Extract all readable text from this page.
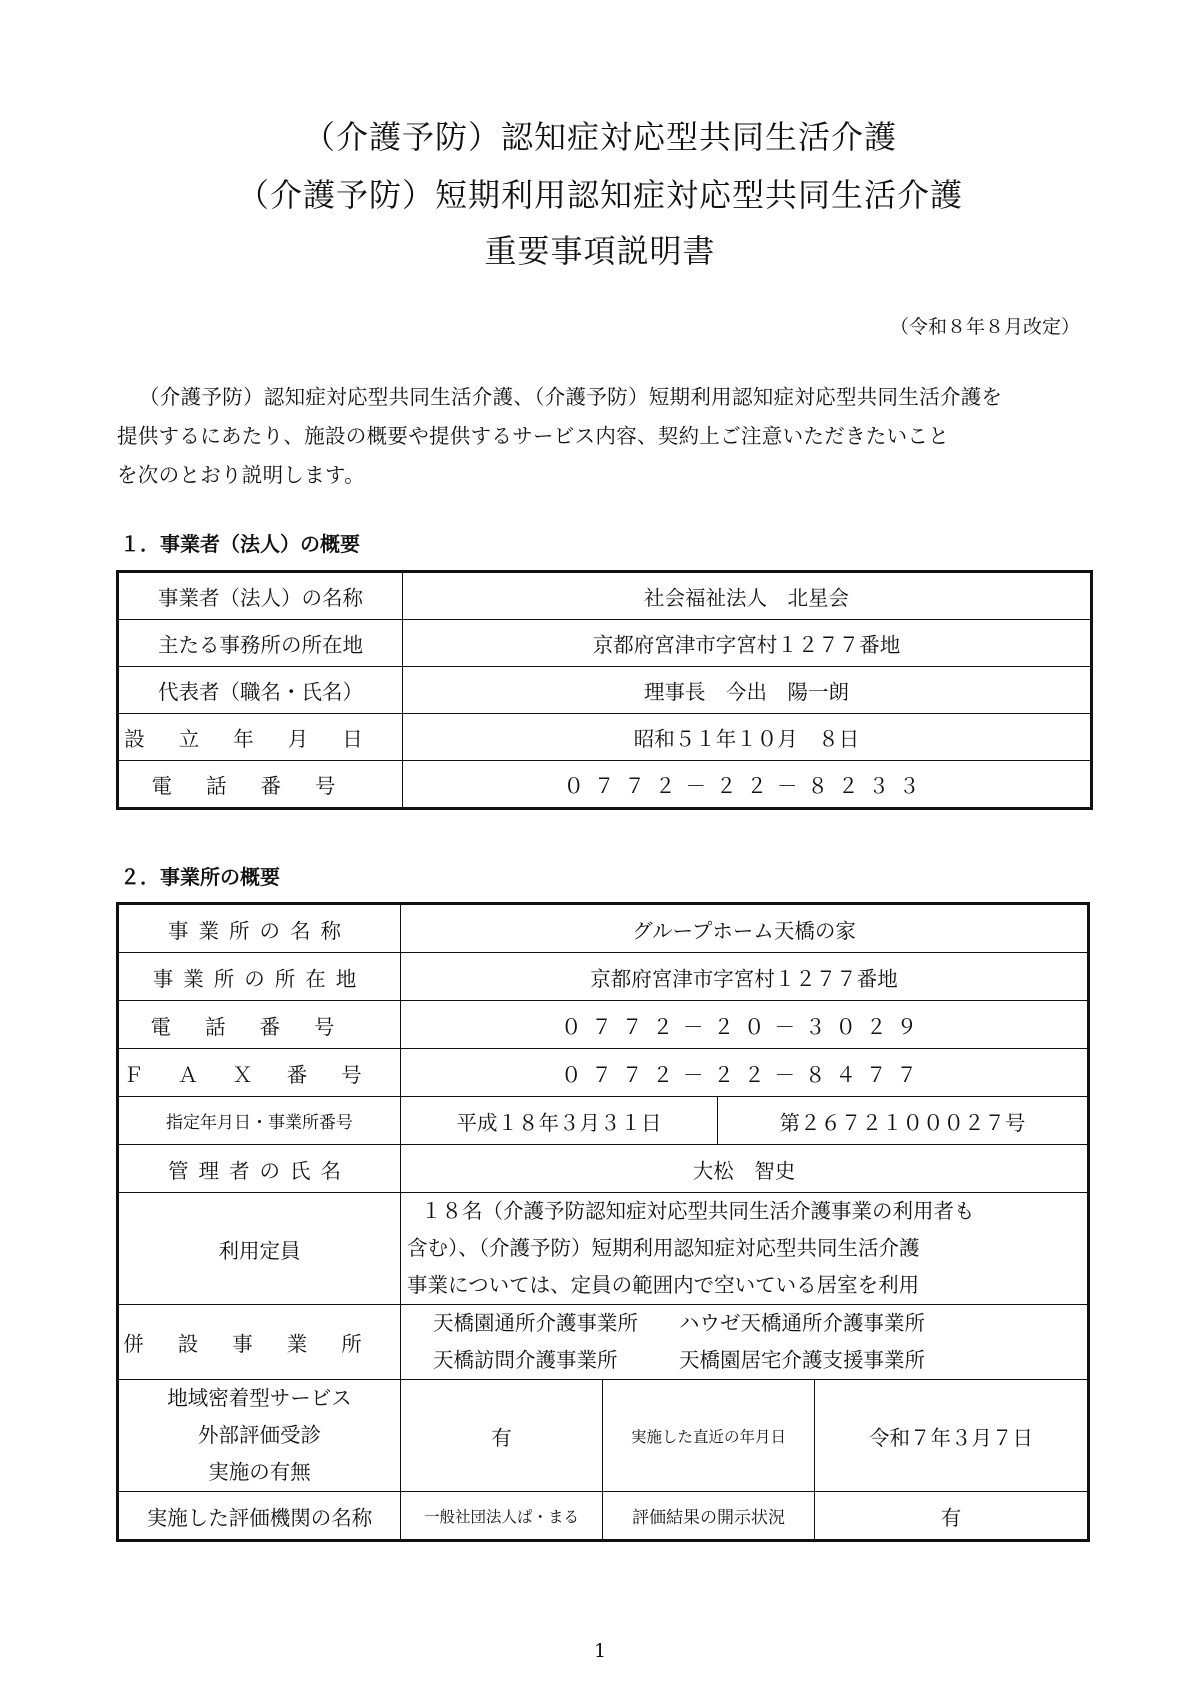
（介護予防）認知症対応型共同生活介護
（介護予防）短期利用認知症対応型共同生活介護
重要事項説明書
（令和８年８月改定）
（介護予防）認知症対応型共同生活介護、（介護予防）短期利用認知症対応型共同生活介護を
提供するにあたり、施設の概要や提供するサービス内容、契約上ご注意いただきたいこと
を次のとおり説明します。
１．事業者（法人）の概要
事業者（法人）の名称	社会福祉法人　北星会
主たる事務所の所在地	京都府宮津市字宮村１２７７番地
代表者（職名・氏名）	理事長　今出　陽一朗
設立年月日	昭和５１年１０月　８日
電話番号	０７７２－２２－８２３３
２．事業所の概要
事業所の名称	グループホーム天橋の家			
事業所の所在地	京都府宮津市字宮村１２７７番地			
電話番号	０７７２－２０－３０２９			
ＦＡＸ番号	０７７２－２２－８４７７			
指定年月日・事業所番号	平成１８年３月３１日		第２６７２１０００２７号	
管理者の氏名	大松　智史			
利用定員	１８名（介護予防認知症対応型共同生活介護事業の利用者も
含む）、（介護予防）短期利用認知症対応型共同生活介護
事業については、定員の範囲内で空いている居室を利用			

併設事業所	天橋園通所介護事業所　　ハウゼ天橋通所介護事業所
天橋訪問介護事業所　　　天橋園居宅介護支援事業所			

地域密着型サービス
外部評価受診
実施の有無	有	実施した直近の年月日		令和７年３月７日
実施した評価機関の名称	一般社団法人ぱ・まる	評価結果の開示状況		有
1
